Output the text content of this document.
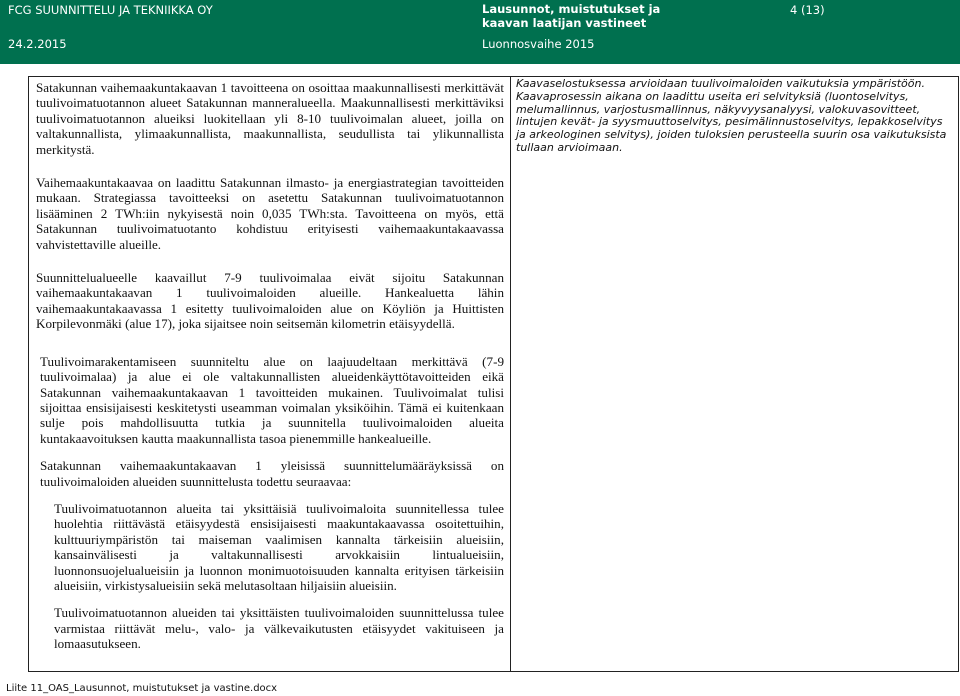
FCG SUUNNITTELU JA TEKNIIKKA OY	Lausunnot, muistutukset ja
kaavan laatijan vastineet
4 (13)
24.2.2015	Luonnosvaihe 2015

Satakunnan vaihemaakuntakaavan 1 tavoitteena on osoittaa maakunnallisesti merkittävät tuulivoimatuotannon alueet Satakunnan manneralueella. Maakunnallisesti merkittäviksi tuulivoimatuotannon alueiksi luokitellaan yli 8-10 tuulivoimalan alueet, joilla on valtakunnallista, ylimaakunnallista, maakunnallista, seudullista tai ylikunnallista merkitystä.

Vaihemaakuntakaavaa on laadittu Satakunnan ilmasto- ja energiastrategian tavoitteiden mukaan. Strategiassa tavoitteeksi on asetettu Satakunnan tuulivoimatuotannon lisääminen 2 TWh:iin nykyisestä noin 0,035 TWh:sta. Tavoitteena on myös, että Satakunnan tuulivoimatuotanto kohdistuu erityisesti vaihemaakuntakaavassa vahvistettaville alueille.

Suunnittelualueelle kaavaillut 7-9 tuulivoimalaa eivät sijoitu Satakunnan vaihemaakuntakaavan 1 tuulivoimaloiden alueille. Hankealuetta lähin vaihemaakuntakaavassa 1 esitetty tuulivoimaloiden alue on Köyliön ja Huittisten Korpilevonmäki (alue 17), joka sijaitsee noin seitsemän kilometrin etäisyydellä.

Tuulivoimarakentamiseen suunniteltu alue on laajuudeltaan merkittävä (7-9 tuulivoimalaa) ja alue ei ole valtakunnallisten alueidenkäyttötavoitteiden eikä Satakunnan vaihemaakuntakaavan 1 tavoitteiden mukainen. Tuulivoimalat tulisi sijoittaa ensisijaisesti keskitetysti useamman voimalan yksiköihin. Tämä ei kuitenkaan sulje pois mahdollisuutta tutkia ja suunnitella tuulivoimaloiden alueita kuntakaavoituksen kautta maakunnallista tasoa pienemmille hankealueille.

Satakunnan vaihemaakuntakaavan 1 yleisissä suunnittelumääräyksissä on tuulivoimaloiden alueiden suunnittelusta todettu seuraavaa:

Tuulivoimatuotannon alueita tai yksittäisiä tuulivoimaloita suunnitellessa tulee huolehtia riittävästä etäisyydestä ensisijaisesti maakuntakaavassa osoitettuihin, kulttuuriympäristön tai maiseman vaalimisen kannalta tärkeisiin alueisiin, kansainvälisesti ja valtakunnallisesti arvokkaisiin lintualueisiin, luonnonsuojelualueisiin ja luonnon monimuotoisuuden kannalta erityisen tärkeisiin alueisiin, virkistysalueisiin sekä melutasoltaan hiljaisiin alueisiin.

Tuulivoimatuotannon alueiden tai yksittäisten tuulivoimaloiden suunnittelussa tulee varmistaa riittävät melu-, valo- ja välkevaikutusten etäisyydet vakituiseen ja lomaasutukseen.

Kaavaselostuksessa arvioidaan tuulivoimaloiden vaikutuksia ympäristöön.
Kaavaprosessin aikana on laadittu useita eri selvityksiä (luontoselvitys, melumallinnus, varjostusmallinnus, näkyvyysanalyysi, valokuvasovitteet, lintujen kevät- ja syysmuuttoselvitys, pesimälinnustoselvitys, lepakkoselvitys ja arkeologinen selvitys), joiden tuloksien perusteella suurin osa vaikutuksista tullaan arvioimaan.
Liite 11_OAS_Lausunnot, muistutukset ja vastine.docx
